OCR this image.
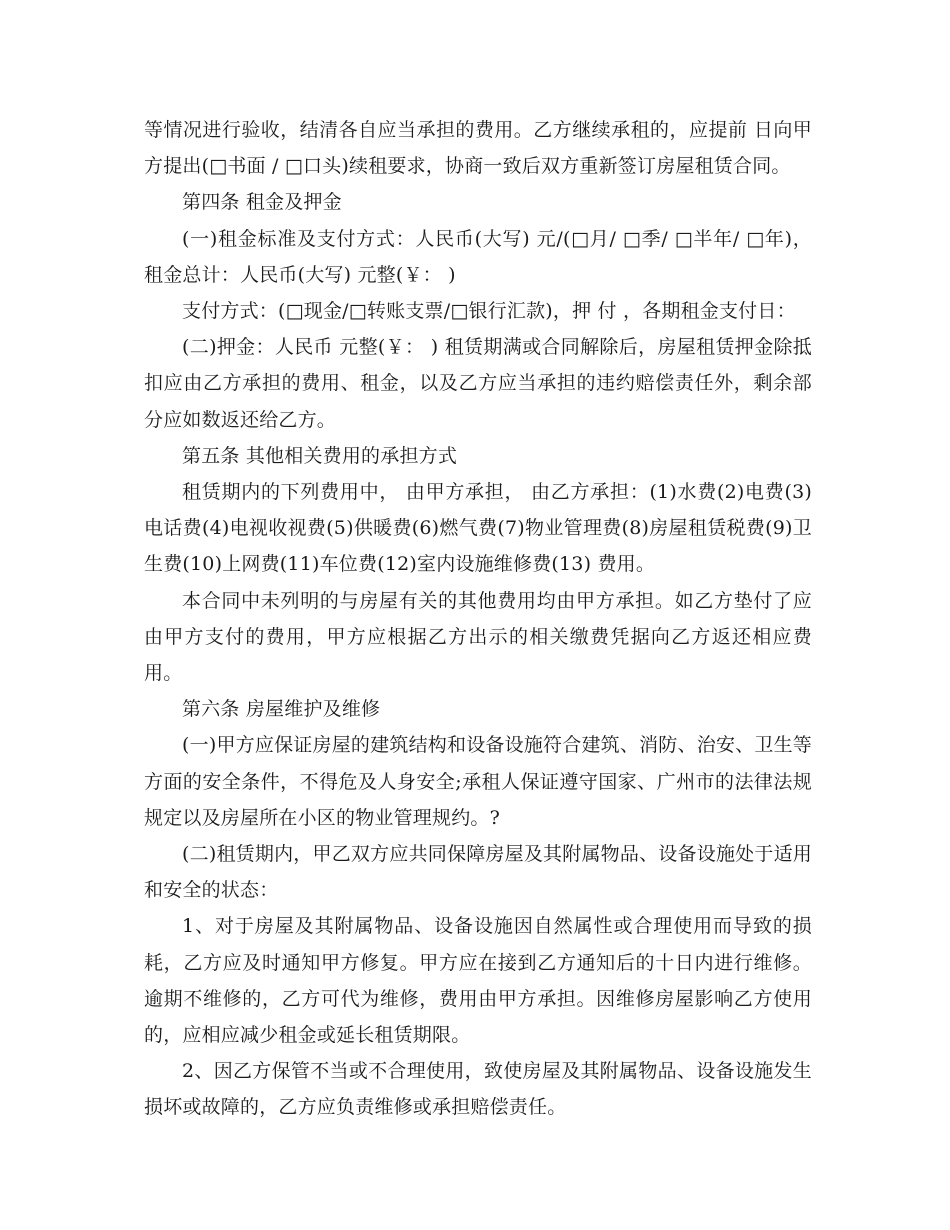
等情况进行验收，结清各自应当承担的费用。乙方继续承租的，应提前 日向甲方提出(□书面 / □口头)续租要求，协商一致后双方重新签订房屋租赁合同。

第四条 租金及押金

(一)租金标准及支付方式：人民币(大写) 元/(□月/ □季/ □半年/ □年)，租金总计：人民币(大写) 元整(￥： )

支付方式：(□现金/□转账支票/□银行汇款)，押 付 ，各期租金支付日：

(二)押金：人民币 元整(￥： ) 租赁期满或合同解除后，房屋租赁押金除抵扣应由乙方承担的费用、租金，以及乙方应当承担的违约赔偿责任外，剩余部分应如数返还给乙方。

第五条 其他相关费用的承担方式

租赁期内的下列费用中， 由甲方承担， 由乙方承担：(1)水费(2)电费(3)电话费(4)电视收视费(5)供暖费(6)燃气费(7)物业管理费(8)房屋租赁税费(9)卫生费(10)上网费(11)车位费(12)室内设施维修费(13) 费用。

本合同中未列明的与房屋有关的其他费用均由甲方承担。如乙方垫付了应由甲方支付的费用，甲方应根据乙方出示的相关缴费凭据向乙方返还相应费用。

第六条 房屋维护及维修

(一)甲方应保证房屋的建筑结构和设备设施符合建筑、消防、治安、卫生等方面的安全条件，不得危及人身安全;承租人保证遵守国家、广州市的法律法规规定以及房屋所在小区的物业管理规约。?

(二)租赁期内，甲乙双方应共同保障房屋及其附属物品、设备设施处于适用和安全的状态：

1、对于房屋及其附属物品、设备设施因自然属性或合理使用而导致的损耗，乙方应及时通知甲方修复。甲方应在接到乙方通知后的十日内进行维修。逾期不维修的，乙方可代为维修，费用由甲方承担。因维修房屋影响乙方使用的，应相应减少租金或延长租赁期限。

2、因乙方保管不当或不合理使用，致使房屋及其附属物品、设备设施发生损坏或故障的，乙方应负责维修或承担赔偿责任。
